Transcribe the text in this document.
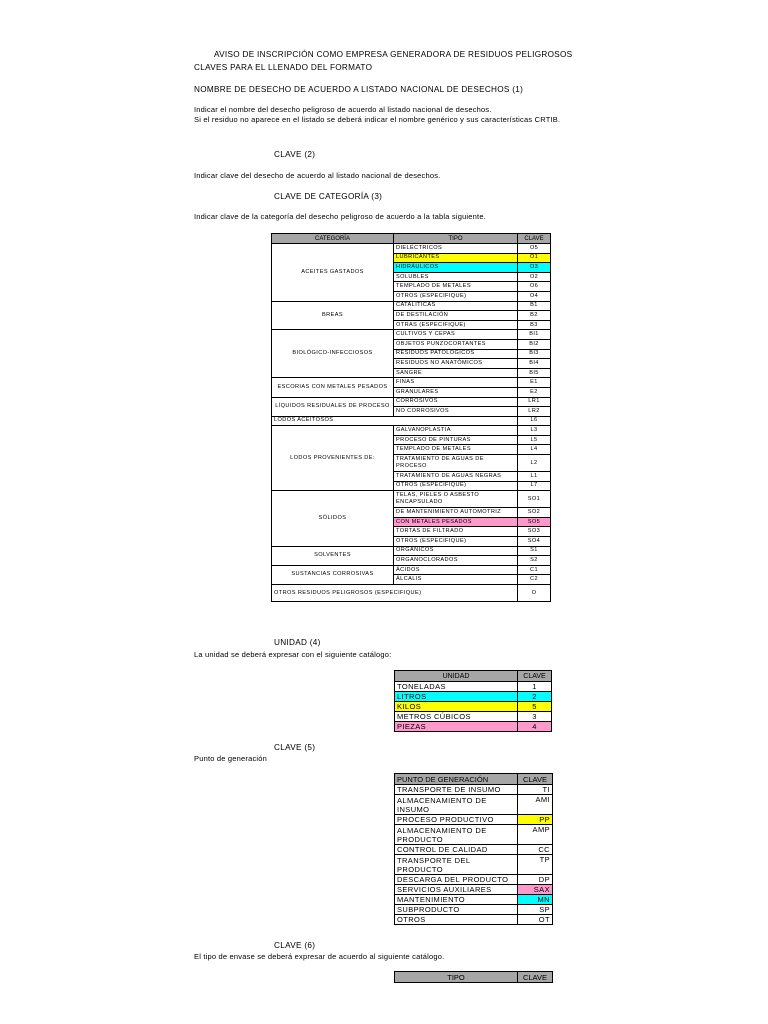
AVISO DE INSCRIPCIÓN COMO EMPRESA GENERADORA DE RESIDUOS PELIGROSOS
CLAVES PARA EL LLENADO DEL FORMATO
NOMBRE DE DESECHO DE ACUERDO A LISTADO NACIONAL DE DESECHOS (1)
Indicar el nombre del desecho peligroso de acuerdo al listado nacional de desechos.
Si el residuo no aparece en el listado se deberá indicar el nombre genérico y sus características CRTIB.
CLAVE (2)
Indicar clave del desecho de acuerdo al listado nacional de desechos.
CLAVE DE CATEGORÍA (3)
Indicar clave de la categoría del desecho peligroso de acuerdo a la tabla siguiente.
CATEGORÍA	TIPO	CLAVE
ACEITES GASTADOS	DIELÉCTRICOS	O5
	LUBRICANTES	O1
	HIDRÁULICOS	O3
	SOLUBLES	O2
	TEMPLADO DE METALES	O6
	OTROS (ESPECIFIQUE)	O4
BREAS	CATALÍTICAS	B1
	DE DESTILACIÓN	B2
	OTRAS (ESPECIFIQUE)	B3
BIOLÓGICO-INFECCIOSOS	CULTIVOS Y CEPAS	BI1
	OBJETOS PUNZOCORTANTES	BI2
	RESIDUOS PATOLÓGICOS	BI3
	RESIDUOS NO ANATÓMICOS	BI4
	SANGRE	BI5
ESCORIAS CON METALES PESADOS	FINAS	E1
	GRANULARES	E2
LÍQUIDOS RESIDUALES DE PROCESO	CORROSIVOS	LR1
	NO CORROSIVOS	LR2
LODOS ACEITOSOS		L6
LODOS PROVENIENTES DE:	GALVANOPLASTIA	L3
	PROCESO DE PINTURAS	L5
	TEMPLADO DE METALES	L4
	TRATAMIENTO DE AGUAS DE PROCESO	L2
	TRATAMIENTO DE AGUAS NEGRAS	L1
	OTROS (ESPECIFIQUE)	L7
SÓLIDOS	TELAS, PIELES O ASBESTO ENCAPSULADO	SO1
	DE MANTENIMIENTO AUTOMOTRIZ	SO2
	CON METALES PESADOS	SO5
	TORTAS DE FILTRADO	SO3
	OTROS (ESPECIFIQUE)	SO4
SOLVENTES	ORGÁNICOS	S1
	ORGANOCLORADOS	S2
SUSTANCIAS CORROSIVAS	ÁCIDOS	C1
	ÁLCALIS	C2
OTROS RESIDUOS PELIGROSOS (ESPECIFIQUE)		O
UNIDAD (4)
La unidad se deberá expresar con el siguiente catálogo:
UNIDAD	CLAVE
TONELADAS	1
LITROS	2
KILOS	5
METROS CÚBICOS	3
PIEZAS	4
CLAVE (5)
Punto de generación
PUNTO DE GENERACIÓN	CLAVE
TRANSPORTE DE INSUMO	TI
ALMACENAMIENTO DE INSUMO	AMI
PROCESO PRODUCTIVO	PP
ALMACENAMIENTO DE PRODUCTO	AMP
CONTROL DE CALIDAD	CC
TRANSPORTE DEL PRODUCTO	TP
DESCARGA DEL PRODUCTO	DP
SERVICIOS AUXILIARES	SAX
MANTENIMIENTO	MN
SUBPRODUCTO	SP
OTROS	OT
CLAVE (6)
El tipo de envase se deberá expresar de acuerdo al siguiente catálogo.
TIPO	CLAVE
